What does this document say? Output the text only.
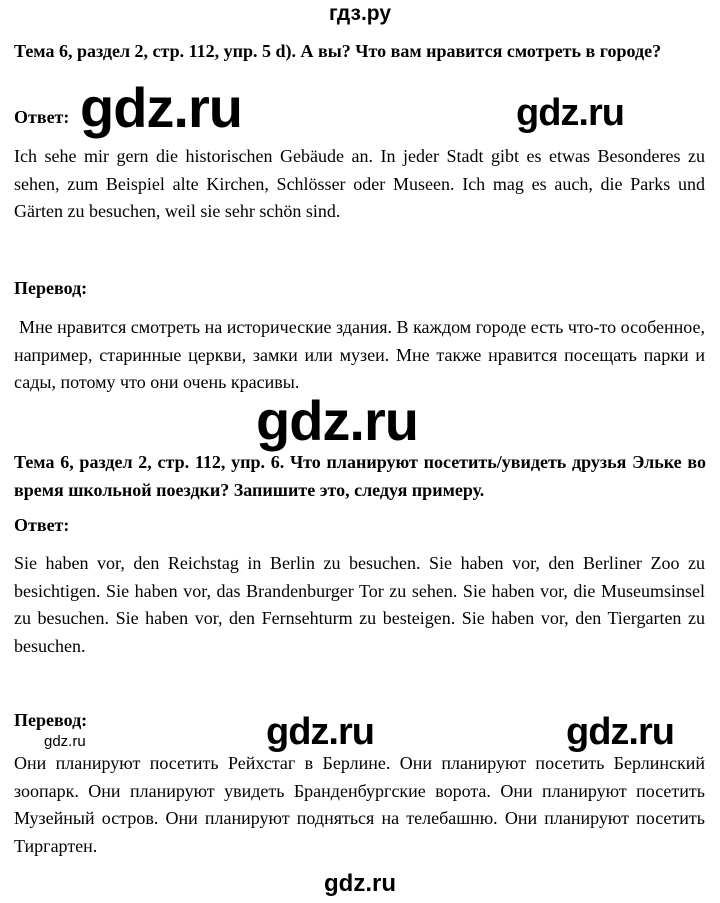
гдз.ру
Тема 6, раздел 2, стр. 112, упр. 5 d). А вы? Что вам нравится смотреть в городе?
Ответ: gdz.ru	gdz.ru
Ich sehe mir gern die historischen Gebäude an. In jeder Stadt gibt es etwas Besonderes zu sehen, zum Beispiel alte Kirchen, Schlösser oder Museen. Ich mag es auch, die Parks und Gärten zu besuchen, weil sie sehr schön sind.
Перевод:
Мне нравится смотреть на исторические здания. В каждом городе есть что-то особенное, например, старинные церкви, замки или музеи. Мне также нравится посещать парки и сады, потому что они очень красивы.
gdz.ru
Тема 6, раздел 2, стр. 112, упр. 6. Что планируют посетить/увидеть друзья Эльке во время школьной поездки? Запишите это, следуя примеру.
Ответ:
Sie haben vor, den Reichstag in Berlin zu besuchen. Sie haben vor, den Berliner Zoo zu besichtigen. Sie haben vor, das Brandenburger Tor zu sehen. Sie haben vor, die Museumsinsel zu besuchen. Sie haben vor, den Fernsehturm zu besteigen. Sie haben vor, den Tiergarten zu besuchen.
Перевод:
gdz.ru	gdz.ru	gdz.ru
Они планируют посетить Рейхстаг в Берлине. Они планируют посетить Берлинский зоопарк. Они планируют увидеть Бранденбургские ворота. Они планируют посетить Музейный остров. Они планируют подняться на телебашню. Они планируют посетить Тиргартен.
gdz.ru
